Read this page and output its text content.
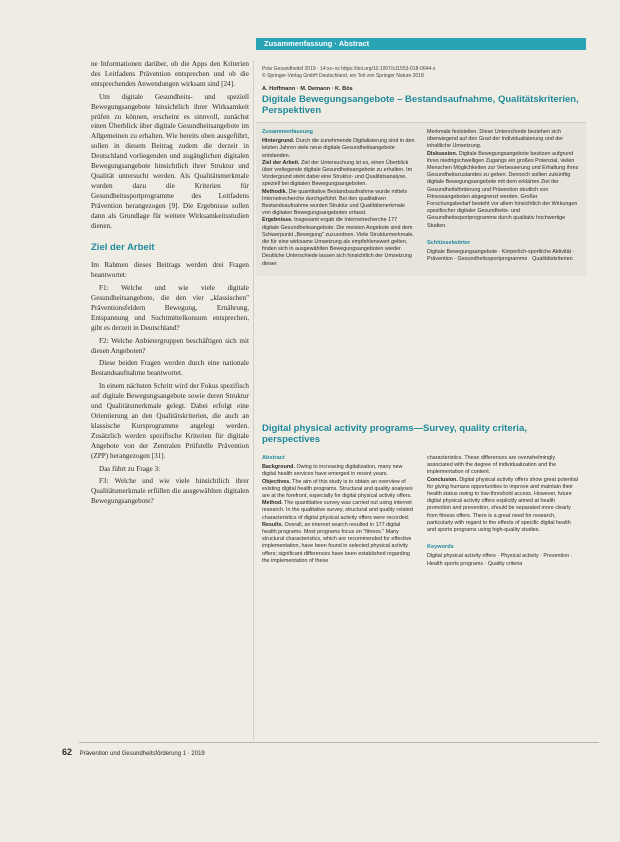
ne Informationen darüber, ob die Apps den Kriterien des Leitfadens Prävention entsprechen und ob die entsprechenden Anwendungen wirksam sind [24].

Um digitale Gesundheits- und speziell Bewegungsangebote hinsichtlich ihrer Wirksamkeit prüfen zu können, erscheint es sinnvoll, zunächst einen Überblick über digitale Gesundheitsangebote im Allgemeinen zu erhalten. Wie bereits oben ausgeführt, sollen in diesem Beitrag zudem die derzeit in Deutschland vorliegenden und zugänglichen digitalen Bewegungsangebote hinsichtlich ihrer Struktur und Qualität untersucht werden. Als Qualitätsmerkmale wurden dazu die Kriterien für Gesundheitssportprogramme des Leitfadens Prävention herangezogen [9]. Die Ergebnisse sollen dann als Grundlage für weitere Wirksamkeitsstudien dienen.

Ziel der Arbeit

Im Rahmen dieses Beitrags werden drei Fragen beantwortet:

F1: Welche und wie viele digitale Gesundheitsangebote, die den vier „klassischen" Präventionsfeldern Bewegung, Ernährung, Entspannung und Suchtmittelkonsum entsprechen, gibt es derzeit in Deutschland?

F2: Welche Anbietergruppen beschäftigen sich mit diesen Angeboten?

Diese beiden Fragen werden durch eine nationale Bestandsaufnahme beantwortet.

In einem nächsten Schritt wird der Fokus spezifisch auf digitale Bewegungsangebote sowie deren Struktur und Qualitätsmerkmale gelegt. Dabei erfolgt eine Orientierung an den Qualitätskriterien, die auch an klassische Kursprogramme angelegt werden. Zusätzlich werden spezifische Kriterien für digitale Angebote von der Zentralen Prüfstelle Prävention (ZPP) herangezogen [31].

Das führt zu Frage 3:

F3: Welche und wie viele hinsichtlich ihrer Qualitätsmerkmale erfüllen die ausgewählten digitalen Bewegungsangebote?

Zusammenfassung · Abstract
Präv Gesundheitsf 2019 · 14:xx–xx https://doi.org/10.1007/s11553-018-0644-z
© Springer-Verlag GmbH Deutschland, ein Teil von Springer Nature 2018
A. Hoffmann · M. Demann · K. Bös
Digitale Bewegungsangebote – Bestandsaufnahme, Qualitätskriterien, Perspektiven
Zusammenfassung

Hintergrund. Durch die zunehmende Digitalisierung sind in den letzten Jahren viele neue digitale Gesundheitsangebote entstanden.

Ziel der Arbeit. Ziel der Untersuchung ist es, einen Überblick über vorliegende digitale Gesundheitsangebote zu erhalten. Im Vordergrund steht dabei eine Struktur- und Qualitätsanalyse, speziell bei digitalen Bewegungsangeboten.

Methodik. Die quantitative Bestandsaufnahme wurde mittels Internetrecherche durchgeführt. Bei den qualitativen Bestandsaufnahme wurden Struktur und Qualitätsmerkmale von digitalen Bewegungsangeboten erfasst.

Ergebnisse. Insgesamt ergab die Internetrecherche 177 digitale Gesundheitsangebote. Die meisten Angebote sind dem Schwerpunkt „Bewegung" zuzuordnen. Viele Strukturmerkmale, die für eine wirksame Umsetzung als empfehlenswert gelten, finden sich in ausgewählten Bewegungsangeboten wieder. Deutliche Unterschiede lassen sich hinsichtlich der Umsetzung dieser

Merkmale feststellen. Diese Unterschiede beziehen sich überwiegend auf den Grad der Individualisierung und der inhaltliche Umsetzung.

Diskussion. Digitale Bewegungsangebote besitzen aufgrund ihres niedrigschwelligen Zugangs ein großes Potenzial, vielen Menschen Möglichkeiten zur Verbesserung und Erhaltung ihres Gesundheitszustandes zu geben. Dennoch sollten zukünftig digitale Bewegungsangebote mit dem erklärten Ziel der Gesundheitsförderung und Prävention deutlich von Fitnessangeboten abgegrenzt werden. Großer Forschungsbedarf besteht vor allem hinsichtlich der Wirkungen spezifischer digitaler Gesundheits- und Gesundheitssportprogramme durch qualitativ hochwertige Studien.

Schlüsselwörter

Digitale Bewegungsangebote · Körperlich-sportliche Aktivität · Prävention · Gesundheitssportprogramme · Qualitätskriterien

Digital physical activity programs—Survey, quality criteria, perspectives
Abstract

Background. Owing to increasing digitalization, many new digital health services have emerged in recent years.

Objectives. The aim of this study is to obtain an overview of existing digital health programs. Structural and quality analyses are at the forefront, especially for digital physical activity offers.

Method. The quantitative survey was carried out using internet research. In the qualitative survey, structural and quality related characteristics of digital physical activity offers were recorded.

Results. Overall, an internet search resulted in 177 digital health programs. Most programs focus on "fitness." Many structural characteristics, which are recommended for effective implementation, have been found in selected physical activity offers; significant differences have been established regarding the implementation of these

characteristics. These differences are overwhelmingly associated with the degree of individualization and the implementation of content.

Conclusion. Digital physical activity offers show great potential for giving humans opportunities to improve and maintain their health status owing to low-threshold access. However, future digital physical activity offers explicitly aimed at health promotion and prevention, should be separated more clearly from fitness offers. There is a great need for research, particularly with regard to the effects of specific digital health and sports programs using high-quality studies.

Keywords

Digital physical activity offers · Physical activity · Prevention · Health sports programs · Quality criteria

62 Prävention und Gesundheitsförderung 1 · 2019
